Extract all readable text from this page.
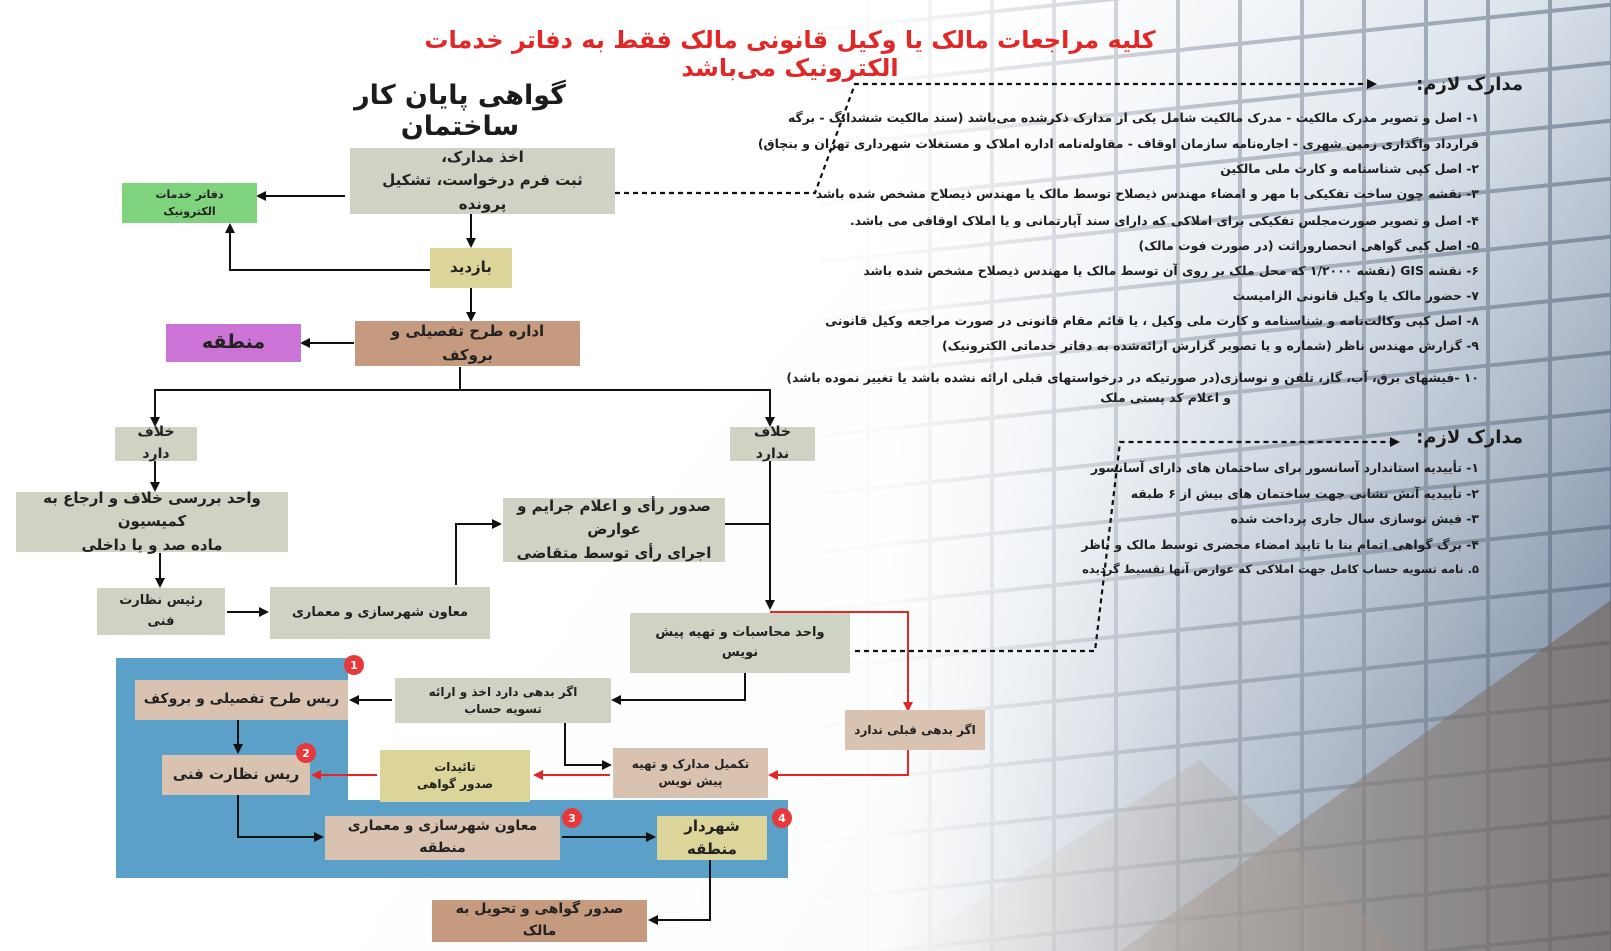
کلیه مراجعات مالک یا وکیل قانونی مالک فقط به دفاتر خدمات الکترونیک می‌باشد
گواهی پایان کار ساختمان
اخذ مدارک،
ثبت فرم درخواست، تشکیل پرونده
دفاتر خدمات الکترونیک
بازدید
اداره طرح تفصیلی و بروکف
منطقه
خلاف دارد
خلاف ندارد
واحد بررسی خلاف و ارجاع به کمیسیون
ماده صد و یا داخلی
صدور رأی و اعلام جرایم و عوارض
اجرای رأی توسط متقاضی
رئیس نظارت فنی
معاون شهرسازی و معماری
واحد محاسبات و تهیه پیش نویس
اگر بدهی دارد اخذ و ارائه
تسویه حساب
اگر بدهی قبلی ندارد
تکمیل مدارک و تهیه
پیش نویس
تائیدات
صدور گواهی
ریس طرح تفصیلی و بروکف
ریس نظارت فنی
معاون شهرسازی و معماری منطقه
شهردار منطقه
صدور گواهی و تحویل به مالک
1
2
3	4
مدارک لازم:
۱- اصل و تصویر مدرک مالکیت - مدرک مالکیت شامل یکی از مدارک ذکرشده می‌باشد (سند مالکیت ششدانگ - برگه
قرارداد واگذاری زمین شهری - اجاره‌نامه سازمان اوقاف - مقاوله‌نامه اداره املاک و مستغلات شهرداری تهران و بنچاق)
۲- اصل کپی شناسنامه و کارت ملی مالکین
۳- نقشه چون ساخت تفکیکی با مهر و امضاء مهندس ذیصلاح توسط مالک یا مهندس ذیصلاح مشخص شده باشد
۴- اصل و تصویر صورت‌مجلس تفکیکی برای املاکی که دارای سند آپارتمانی و یا املاک اوقافی می باشد.
۵- اصل کپی گواهی انحصاروراثت (در صورت فوت مالک)
۶- نقشه GIS (نقشه ۱/۲۰۰۰ که محل ملک بر روی آن توسط مالک یا مهندس ذیصلاح مشخص شده باشد
۷- حضور مالک یا وکیل قانونی الزامیست
۸- اصل کپی وکالت‌نامه و شناسنامه و کارت ملی وکیل ، یا قائم مقام قانونی در صورت مراجعه وکیل قانونی
۹- گزارش مهندس ناظر (شماره و یا تصویر گزارش ارائه‌شده به دفاتر خدماتی الکترونیک)
۱۰ -فیشهای برق، آب، گاز، تلفن و نوسازی(در صورتیکه در درخواستهای قبلی ارائه نشده باشد یا تغییر نموده باشد)
و اعلام کد پستی ملک
مدارک لازم:
۱- تأییدیه استاندارد آسانسور برای ساختمان های دارای آسانسور
۲- تأییدیه آتش نشانی جهت ساختمان های بیش از ۶ طبقه
۳- فیش نوسازی سال جاری پرداخت شده
۴- برگ گواهی اتمام بنا با تایید امضاء محضری توسط مالک و ناظر
۵. نامه تسویه حساب کامل جهت املاکی که عوارض آنها تقسیط گردیده
